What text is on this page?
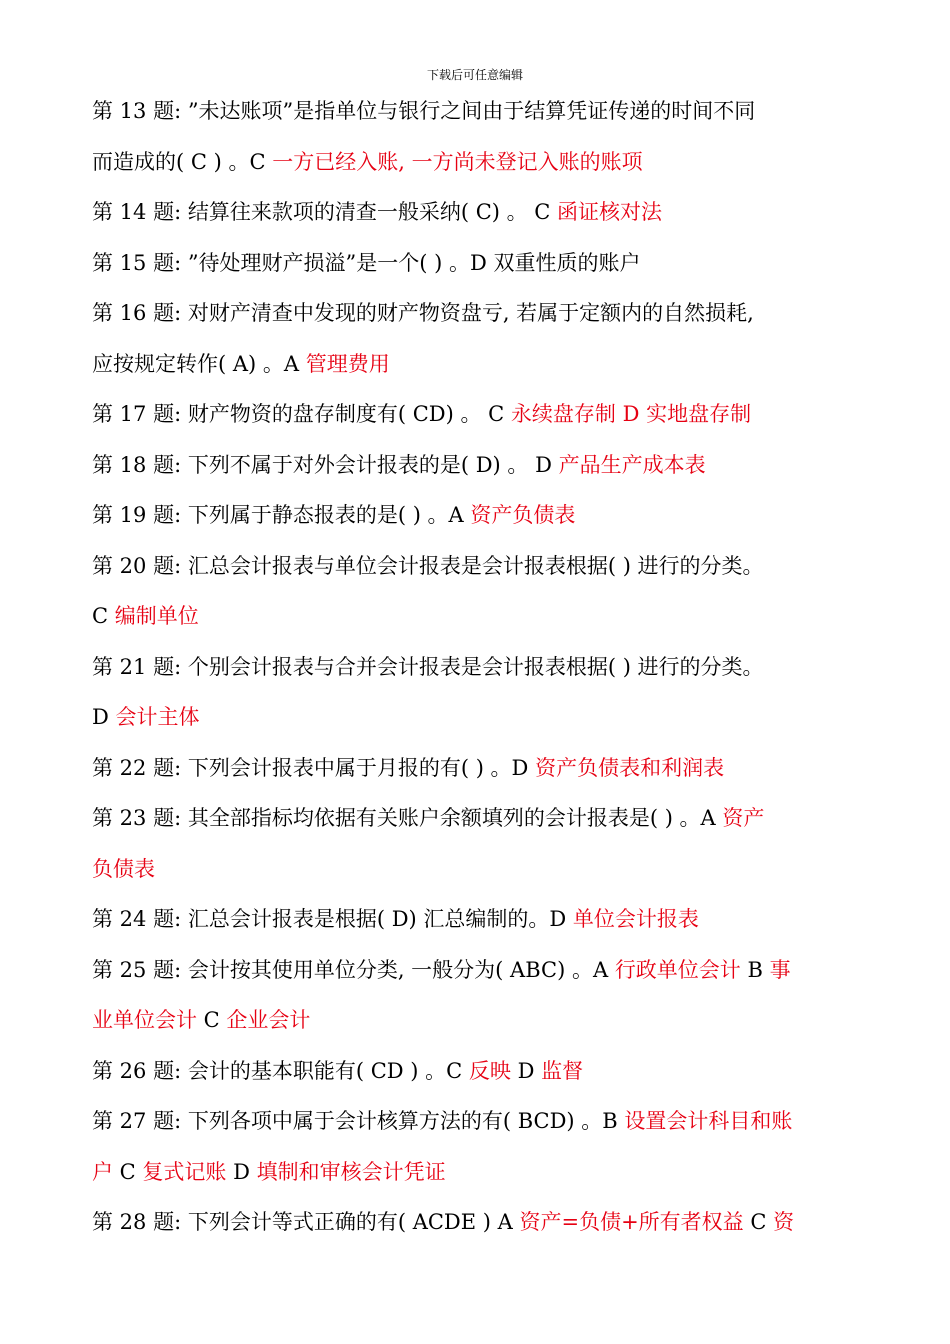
下载后可任意编辑
第 13 题: ”未达账项”是指单位与银行之间由于结算凭证传递的时间不同
而造成的( C ) 。C 一方已经入账, 一方尚未登记入账的账项
第 14 题: 结算往来款项的清查一般采纳( C) 。 C 函证核对法
第 15 题: ”待处理财产损溢”是一个( ) 。D 双重性质的账户
第 16 题: 对财产清查中发现的财产物资盘亏, 若属于定额内的自然损耗,
应按规定转作( A) 。A 管理费用
第 17 题: 财产物资的盘存制度有( CD) 。 C 永续盘存制 D 实地盘存制
第 18 题: 下列不属于对外会计报表的是( D) 。 D 产品生产成本表
第 19 题: 下列属于静态报表的是( ) 。A 资产负债表
第 20 题: 汇总会计报表与单位会计报表是会计报表根据( ) 进行的分类。
C 编制单位
第 21 题: 个别会计报表与合并会计报表是会计报表根据( ) 进行的分类。
D 会计主体
第 22 题: 下列会计报表中属于月报的有( ) 。D 资产负债表和利润表
第 23 题: 其全部指标均依据有关账户余额填列的会计报表是( ) 。A 资产
负债表
第 24 题: 汇总会计报表是根据( D) 汇总编制的。D 单位会计报表
第 25 题: 会计按其使用单位分类, 一般分为( ABC) 。A 行政单位会计 B 事
业单位会计 C 企业会计
第 26 题: 会计的基本职能有( CD ) 。C 反映 D 监督
第 27 题: 下列各项中属于会计核算方法的有( BCD) 。B 设置会计科目和账
户 C 复式记账 D 填制和审核会计凭证
第 28 题: 下列会计等式正确的有( ACDE ) A 资产=负债+所有者权益 C 资
